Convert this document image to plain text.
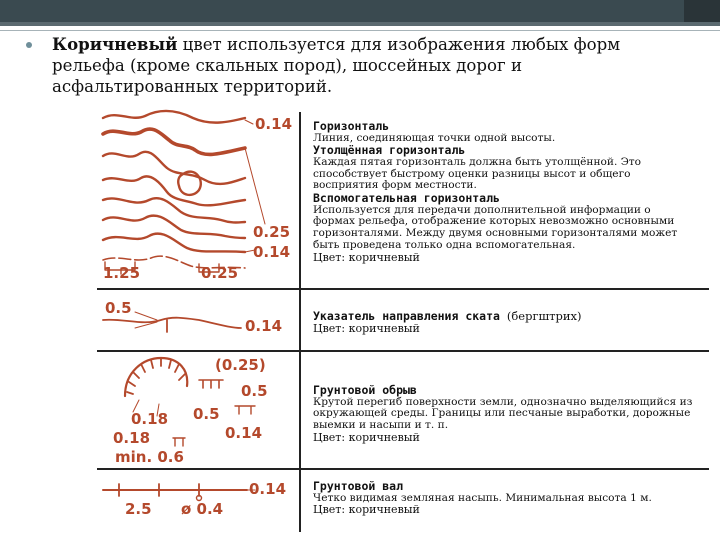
Коричневый цвет используется для изображения любых форм рельефа (кроме скальных пород), шоссейных дорог и асфальтированных территорий.
0.14
0.25
0.14
1.25	0.25
0.5
0.14
(0.25)
0.5
0.18 0.5
0.18	0.14
min. 0.6
0.14
2.5 ø 0.4
Горизонталь
Линия, соединяющая точки одной высоты.
Утолщённая горизонталь
Каждая пятая горизонталь должна быть утолщённой. Это способствует быстрому оценки разницы высот и общего восприятия форм местности.
Вспомогательная горизонталь
Используется для передачи дополнительной информации о формах рельефа, отображение которых невозможно основными горизонталями. Между двумя основными горизонталями может быть проведена только одна вспомогательная.
Цвет: коричневый
Указатель направления ската (бергштрих)
Цвет: коричневый
Грунтовой обрыв
Крутой перегиб поверхности земли, однозначно выделяющийся из окружающей среды. Границы или песчаные выработки, дорожные выемки и насыпи и т. п.
Цвет: коричневый
Грунтовой вал
Четко видимая земляная насыпь. Минимальная высота 1 м.
Цвет: коричневый
